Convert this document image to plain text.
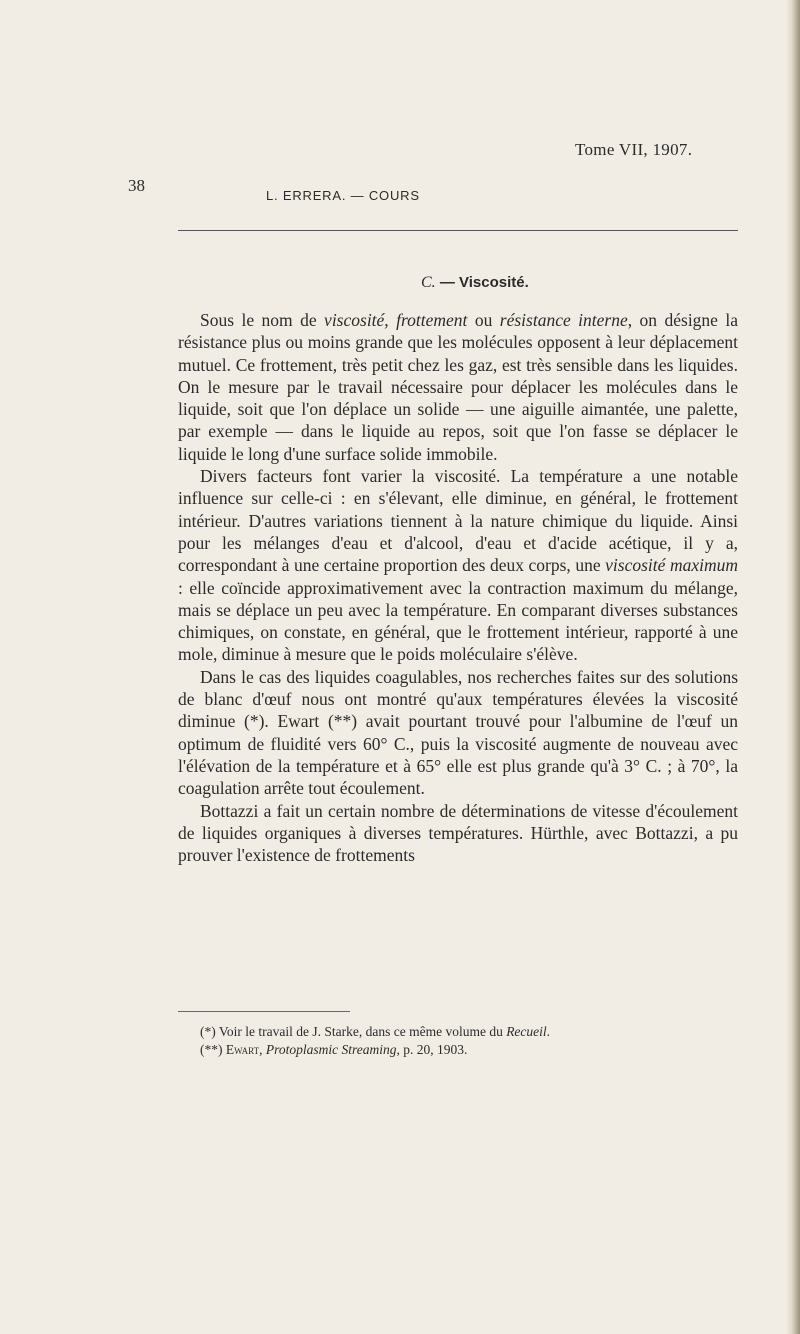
Tome VII, 1907.
38
L. ERRERA. — COURS
C. — Viscosité.

Sous le nom de viscosité, frottement ou résistance interne, on désigne la résistance plus ou moins grande que les molécules opposent à leur déplacement mutuel. Ce frottement, très petit chez les gaz, est très sensible dans les liquides. On le mesure par le travail nécessaire pour déplacer les molécules dans le liquide, soit que l'on déplace un solide — une aiguille aimantée, une palette, par exemple — dans le liquide au repos, soit que l'on fasse se déplacer le liquide le long d'une surface solide immobile.

Divers facteurs font varier la viscosité. La température a une notable influence sur celle-ci : en s'élevant, elle diminue, en général, le frottement intérieur. D'autres variations tiennent à la nature chimique du liquide. Ainsi pour les mélanges d'eau et d'alcool, d'eau et d'acide acétique, il y a, correspondant à une certaine proportion des deux corps, une viscosité maximum : elle coïncide approximativement avec la contraction maximum du mélange, mais se déplace un peu avec la température. En comparant diverses substances chimiques, on constate, en général, que le frottement intérieur, rapporté à une mole, diminue à mesure que le poids moléculaire s'élève.

Dans le cas des liquides coagulables, nos recherches faites sur des solutions de blanc d'œuf nous ont montré qu'aux températures élevées la viscosité diminue (*). Ewart (**) avait pourtant trouvé pour l'albumine de l'œuf un optimum de fluidité vers 60° C., puis la viscosité augmente de nouveau avec l'élévation de la température et à 65° elle est plus grande qu'à 3° C. ; à 70°, la coagulation arrête tout écoulement.

Bottazzi a fait un certain nombre de déterminations de vitesse d'écoulement de liquides organiques à diverses températures. Hürthle, avec Bottazzi, a pu prouver l'existence de frottements

(*) Voir le travail de J. Starke, dans ce même volume du Recueil.
(**) Ewart, Protoplasmic Streaming, p. 20, 1903.
